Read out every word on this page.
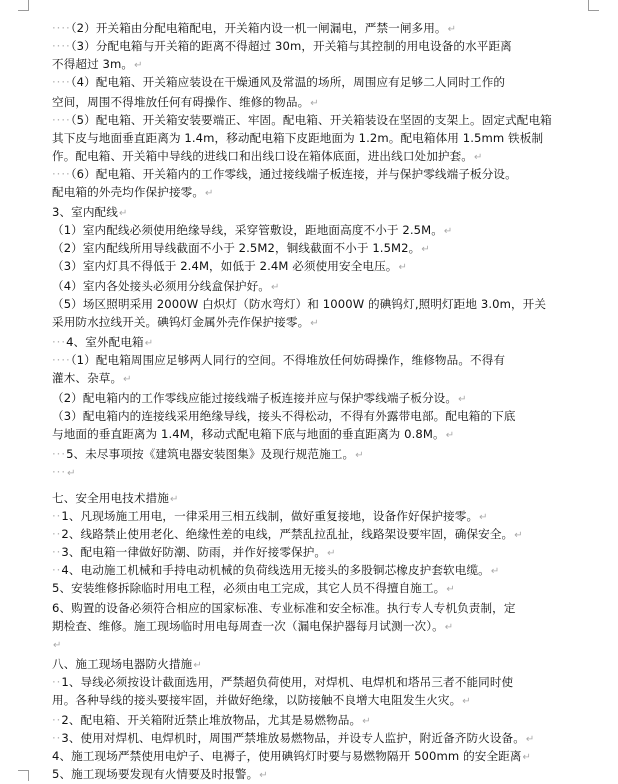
····（2）开关箱由分配电箱配电，开关箱内设一机一闸漏电，严禁一闸多用。↵
····（3）分配电箱与开关箱的距离不得超过 30m，开关箱与其控制的用电设备的水平距离
不得超过 3m。↵
····（4）配电箱、开关箱应装设在干燥通风及常温的场所，周围应有足够二人同时工作的
空间，周围不得堆放任何有碍操作、维修的物品。↵
····（5）配电箱、开关箱安装要端正、牢固。配电箱、开关箱装设在坚固的支架上。固定式配电箱
其下皮与地面垂直距离为 1.4m，移动配电箱下皮距地面为 1.2m。配电箱体用 1.5mm 铁板制
作。配电箱、开关箱中导线的进线口和出线口设在箱体底面，进出线口处加护套。↵
····（6）配电箱、开关箱内的工作零线，通过接线端子板连接，并与保护零线端子板分设。
配电箱的外壳均作保护接零。↵
3、室内配线↵
（1）室内配线必须使用绝缘导线，采穿管敷设，距地面高度不小于 2.5M。↵
（2）室内配线所用导线截面不小于 2.5M2，铜线截面不小于 1.5M2。↵
（3）室内灯具不得低于 2.4M，如低于 2.4M 必须使用安全电压。↵
（4）室内各处接头必须用分线盒保护好。↵
（5）场区照明采用 2000W 白炽灯（防水弯灯）和 1000W 的碘钨灯,照明灯距地 3.0m，开关
采用防水拉线开关。碘钨灯金属外壳作保护接零。↵
···4、室外配电箱↵
····（1）配电箱周围应足够两人同行的空间。不得堆放任何妨碍操作，维修物品。不得有
灌木、杂草。↵
（2）配电箱内的工作零线应能过接线端子板连接并应与保护零线端子板分设。↵
（3）配电箱内的连接线采用绝缘导线，接头不得松动，不得有外露带电部。配电箱的下底
与地面的垂直距离为 1.4M，移动式配电箱下底与地面的垂直距离为 0.8M。↵
···5、未尽事项按《建筑电器安装图集》及现行规范施工。↵
···↵
七、安全用电技术措施↵
··1、凡现场施工用电，一律采用三相五线制，做好重复接地，设备作好保护接零。↵
··2、线路禁止使用老化、绝缘性差的电线，严禁乱拉乱扯，线路架设要牢固，确保安全。↵
··3、配电箱一律做好防潮、防雨，并作好接零保护。↵
··4、电动施工机械和手持电动机械的负荷线选用无接头的多股铜芯橡皮护套软电缆。↵
5、安装维修拆除临时用电工程，必须由电工完成，其它人员不得擅自施工。↵
6、购置的设备必须符合相应的国家标准、专业标准和安全标准。执行专人专机负责制，定
期检查、维修。施工现场临时用电每周查一次（漏电保护器每月试测一次）。↵
↵
八、施工现场电器防火措施↵
··1、导线必须按设计截面选用，严禁超负荷使用，对焊机、电焊机和塔吊三者不能同时使
用。各种导线的接头要接牢固，并做好绝缘，以防接触不良增大电阻发生火灾。↵
··2、配电箱、开关箱附近禁止堆放物品，尤其是易燃物品。↵
··3、使用对焊机、电焊机时，周围严禁堆放易燃物品，并设专人监护，附近备齐防火设备。↵
4、施工现场严禁使用电炉子、电褥子，使用碘钨灯时要与易燃物隔开 500mm 的安全距离↵
5、施工现场要发现有火情要及时报警。↵
